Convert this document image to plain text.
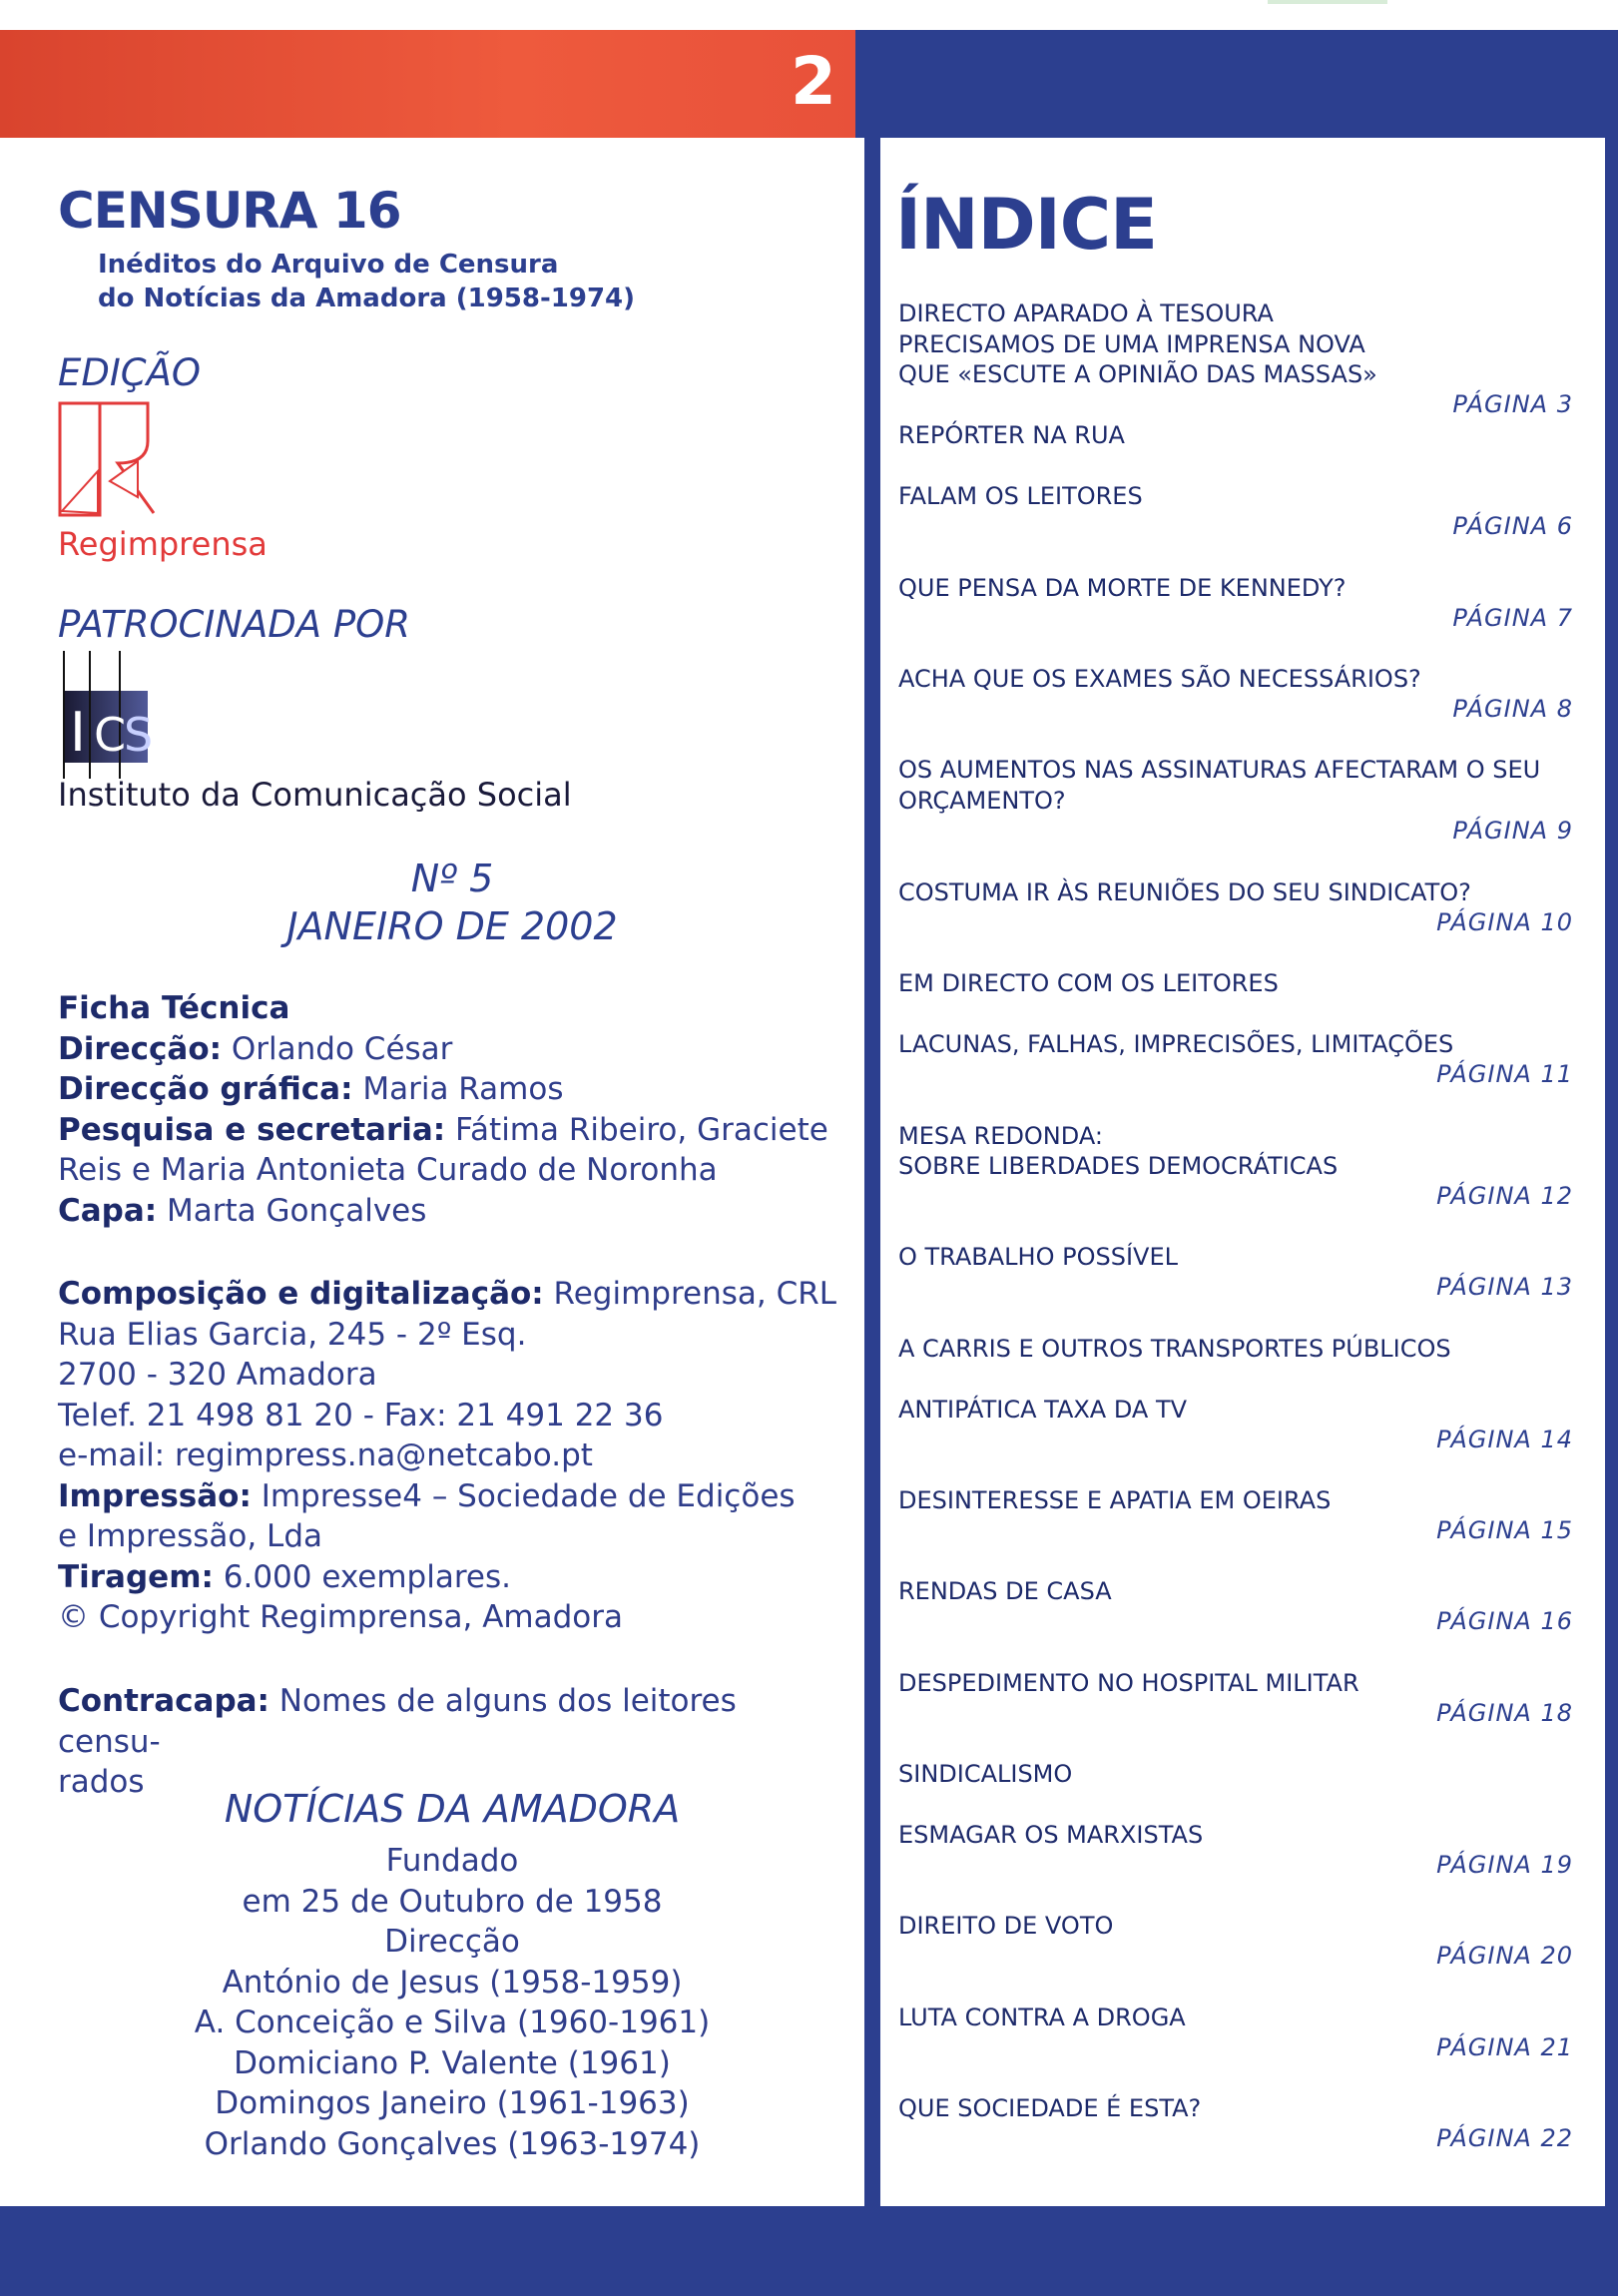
2
CENSURA 16
Inéditos do Arquivo de Censura
do Notícias da Amadora (1958-1974)
EDIÇÃO
Regimprensa
PATROCINADA POR
I C
S
Instituto da Comunicação Social
Nº 5
JANEIRO DE 2002
Ficha Técnica
Direcção: Orlando César
Direcção gráfica: Maria Ramos
Pesquisa e secretaria: Fátima Ribeiro, Graciete
Reis e Maria Antonieta Curado de Noronha
Capa: Marta Gonçalves
Composição e digitalização: Regimprensa, CRL
Rua Elias Garcia, 245 - 2º Esq.
2700 - 320 Amadora
Telef. 21 498 81 20 - Fax: 21 491 22 36
e-mail: regimpress.na@netcabo.pt
Impressão: Impresse4 – Sociedade de Edições
e Impressão, Lda
Tiragem: 6.000 exemplares.
© Copyright Regimprensa, Amadora
Contracapa: Nomes de alguns dos leitores censu-
rados
NOTÍCIAS DA AMADORA
Fundado
em 25 de Outubro de 1958
Direcção
António de Jesus (1958-1959)
A. Conceição e Silva (1960-1961)
Domiciano P. Valente (1961)
Domingos Janeiro (1961-1963)
Orlando Gonçalves (1963-1974)
ÍNDICE
DIRECTO APARADO À TESOURA
PRECISAMOS DE UMA IMPRENSA NOVA
QUE «ESCUTE A OPINIÃO DAS MASSAS»
PÁGINA 3
REPÓRTER NA RUA
FALAM OS LEITORES
PÁGINA 6
QUE PENSA DA MORTE DE KENNEDY?
PÁGINA 7
ACHA QUE OS EXAMES SÃO NECESSÁRIOS?
PÁGINA 8
OS AUMENTOS NAS ASSINATURAS AFECTARAM O SEU
ORÇAMENTO?
PÁGINA 9
COSTUMA IR ÀS REUNIÕES DO SEU SINDICATO?
PÁGINA 10
EM DIRECTO COM OS LEITORES
LACUNAS, FALHAS, IMPRECISÕES, LIMITAÇÕES
PÁGINA 11
MESA REDONDA:
SOBRE LIBERDADES DEMOCRÁTICAS
PÁGINA 12
O TRABALHO POSSÍVEL
PÁGINA 13
A CARRIS E OUTROS TRANSPORTES PÚBLICOS
ANTIPÁTICA TAXA DA TV
PÁGINA 14
DESINTERESSE E APATIA EM OEIRAS
PÁGINA 15
RENDAS DE CASA
PÁGINA 16
DESPEDIMENTO NO HOSPITAL MILITAR
PÁGINA 18
SINDICALISMO
ESMAGAR OS MARXISTAS
PÁGINA 19
DIREITO DE VOTO
PÁGINA 20
LUTA CONTRA A DROGA
PÁGINA 21
QUE SOCIEDADE É ESTA?
PÁGINA 22
